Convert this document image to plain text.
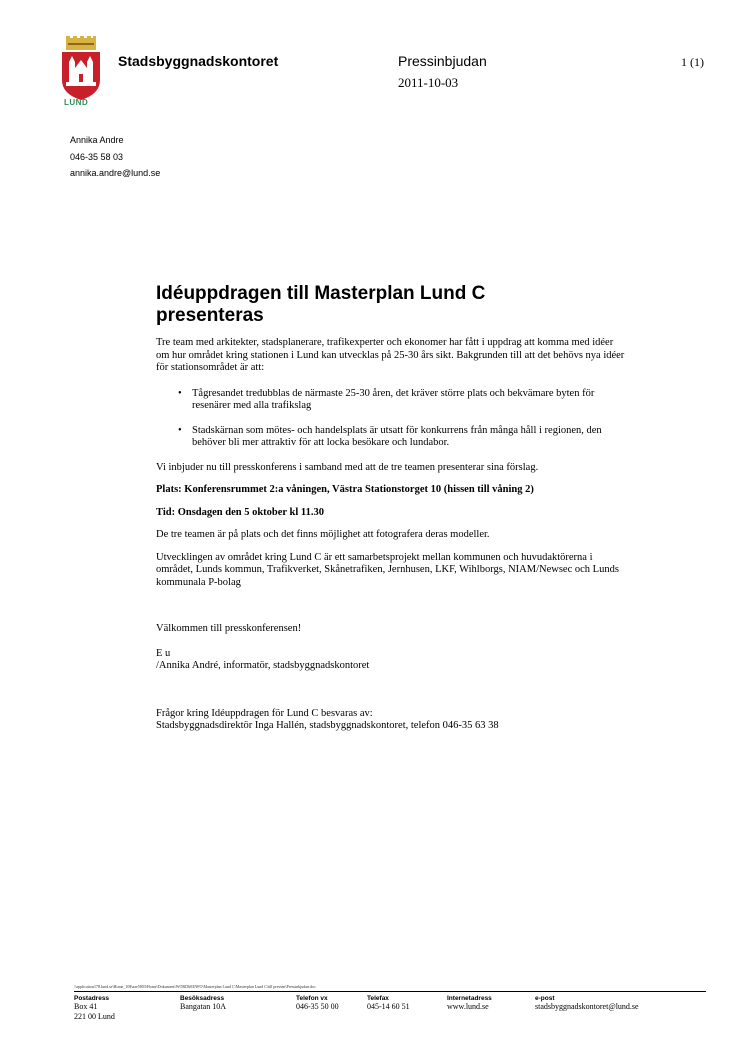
LUND
Stadsbyggnadskontoret	Pressinbjudan
2011-10-03
1 (1)
Annika Andre
046-35 58 03
annika.andre@lund.se
Idéuppdragen till Masterplan Lund C presenteras

Tre team med arkitekter, stadsplanerare, trafikexperter och ekonomer har fått i uppdrag att komma med idéer om hur området kring stationen i Lund kan utvecklas på 25-30 års sikt. Bakgrunden till att det behövs nya idéer för stationsområdet är att:

• Tågresandet tredubblas de närmaste 25-30 åren, det kräver större plats och bekvämare byten för resenärer med alla trafikslag
• Stadskärnan som mötes- och handelsplats är utsatt för konkurrens från många håll i regionen, den behöver bli mer attraktiv för att locka besökare och lundabor.

Vi inbjuder nu till presskonferens i samband med att de tre teamen presenterar sina förslag.

Plats: Konferensrummet 2:a våningen, Västra Stationstorget 10 (hissen till våning 2)

Tid: Onsdagen den 5 oktober kl 11.30

De tre teamen är på plats och det finns möjlighet att fotografera deras modeller.

Utvecklingen av området kring Lund C är ett samarbetsprojekt mellan kommunen och huvudaktörerna i området, Lunds kommun, Trafikverket, Skånetrafiken, Jernhusen, LKF, Wihlborgs, NIAM/Newsec och Lunds kommunala P-bolag

Välkommen till presskonferensen!

E u
/Annika André, informatör, stadsbyggnadskontoret

Frågor kring Idéuppdragen för Lund C besvaras av:
Stadsbyggnadsdirektör Inga Hallén, stadsbyggnadskontoret, telefon 046-35 63 38

\\application178.lund.se\Home_10$\aae5803\Home\Dokument\WORD60\INFO\Masterplan Lund C\Masterplan Lund C\till pressen\Pressinbjudan.doc
Postadress
Box 41
221 00 Lund
Besöksadress
Bangatan 10A
Telefon vx
046-35 50 00
Telefax
045-14 60 51
Internetadress
www.lund.se
e-post
stadsbyggnadskontoret@lund.se
